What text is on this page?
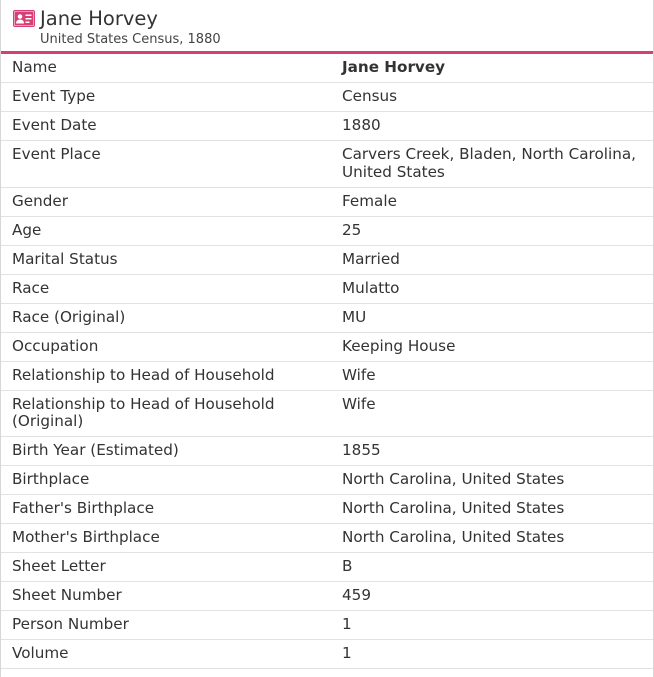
Jane Horvey
United States Census, 1880
Name	Jane Horvey
Event Type	Census
Event Date	1880
Event Place	Carvers Creek, Bladen, North Carolina, United States
Gender	Female
Age	25
Marital Status	Married
Race	Mulatto
Race (Original)	MU
Occupation	Keeping House
Relationship to Head of Household	Wife
Relationship to Head of Household (Original)	Wife
Birth Year (Estimated)	1855
Birthplace	North Carolina, United States
Father's Birthplace	North Carolina, United States
Mother's Birthplace	North Carolina, United States
Sheet Letter	B
Sheet Number	459
Person Number	1
Volume	1
